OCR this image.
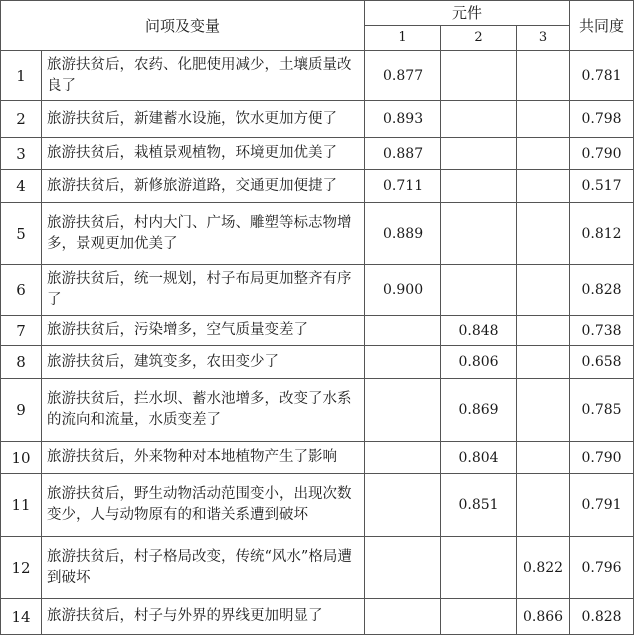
问项及变量		元件			共同度
		1	2	3	
1	旅游扶贫后，农药、化肥使用减少，土壤质量改良了	0.877			0.781
2	旅游扶贫后，新建蓄水设施，饮水更加方便了	0.893			0.798
3	旅游扶贫后，栽植景观植物，环境更加优美了	0.887			0.790
4	旅游扶贫后，新修旅游道路，交通更加便捷了	0.711			0.517
5	旅游扶贫后，村内大门、广场、雕塑等标志物增多，景观更加优美了	0.889			0.812
6	旅游扶贫后，统一规划，村子布局更加整齐有序了	0.900			0.828
7	旅游扶贫后，污染增多，空气质量变差了		0.848		0.738
8	旅游扶贫后，建筑变多，农田变少了		0.806		0.658
9	旅游扶贫后，拦水坝、蓄水池增多，改变了水系的流向和流量，水质变差了		0.869		0.785
10	旅游扶贫后，外来物种对本地植物产生了影响		0.804		0.790
11	旅游扶贫后，野生动物活动范围变小，出现次数变少，人与动物原有的和谐关系遭到破坏		0.851		0.791
12	旅游扶贫后，村子格局改变，传统“风水”格局遭到破坏			0.822	0.796
14	旅游扶贫后，村子与外界的界线更加明显了			0.866	0.828
